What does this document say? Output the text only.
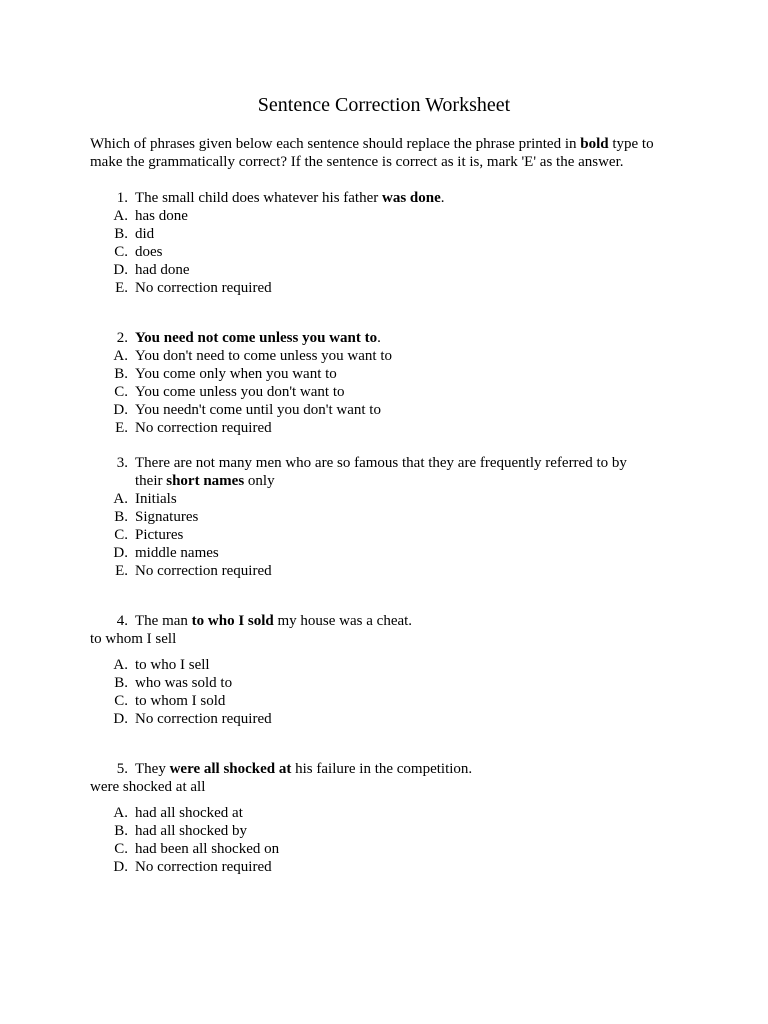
Sentence Correction Worksheet
Which of phrases given below each sentence should replace the phrase printed in bold type to make the grammatically correct? If the sentence is correct as it is, mark 'E' as the answer.
1. The small child does whatever his father was done.
A. has done
B. did
C. does
D. had done
E. No correction required
2. You need not come unless you want to.
A. You don't need to come unless you want to
B. You come only when you want to
C. You come unless you don't want to
D. You needn't come until you don't want to
E. No correction required
3. There are not many men who are so famous that they are frequently referred to by their short names only
A. Initials
B. Signatures
C. Pictures
D. middle names
E. No correction required
4. The man to who I sold my house was a cheat.
to whom I sell
A. to who I sell
B. who was sold to
C. to whom I sold
D. No correction required
5. They were all shocked at his failure in the competition.
were shocked at all
A. had all shocked at
B. had all shocked by
C. had been all shocked on
D. No correction required
